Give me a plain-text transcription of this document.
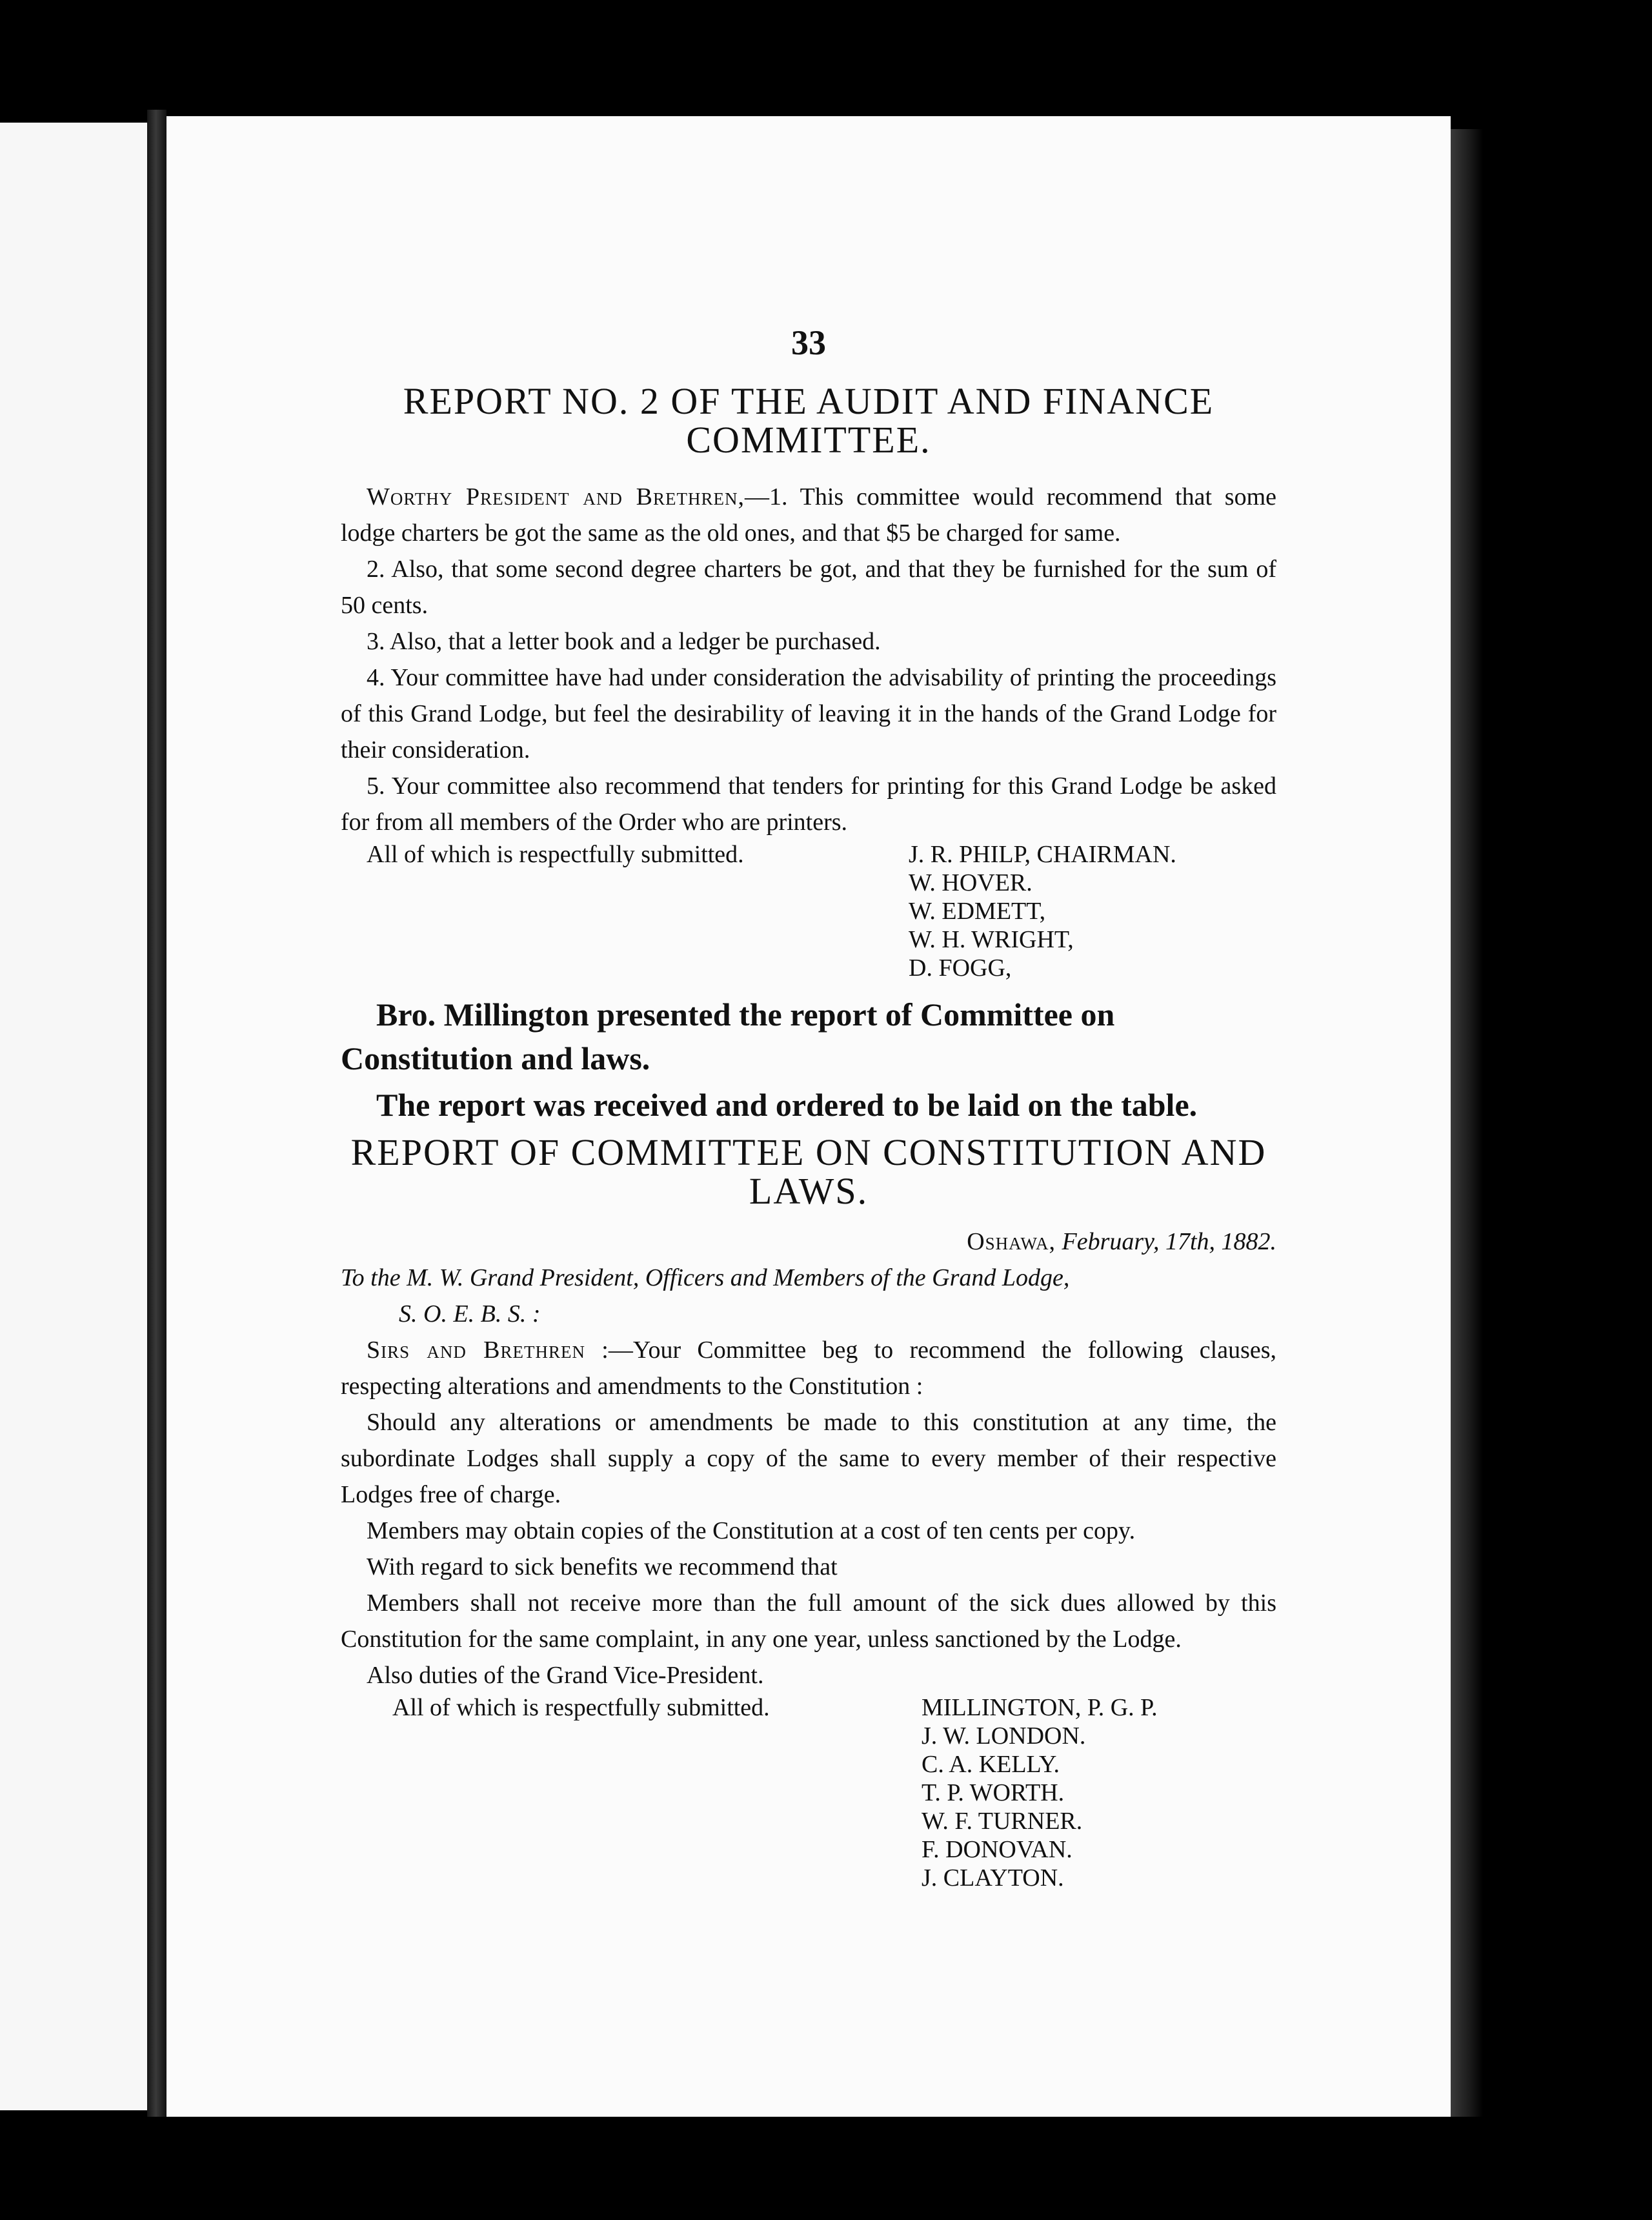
33
REPORT NO. 2 OF THE AUDIT AND FINANCE COMMITTEE.

Worthy President and Brethren,—1. This committee would recommend that some lodge charters be got the same as the old ones, and that $5 be charged for same.

2. Also, that some second degree charters be got, and that they be furnished for the sum of 50 cents.

3. Also, that a letter book and a ledger be purchased.

4. Your committee have had under consideration the advisability of printing the proceedings of this Grand Lodge, but feel the desirability of leaving it in the hands of the Grand Lodge for their consideration.

5. Your committee also recommend that tenders for printing for this Grand Lodge be asked for from all members of the Order who are printers.

All of which is respectfully submitted.	J. R. PHILP, CHAIRMAN.
W. HOVER.
W. EDMETT,
W. H. WRIGHT,
D. FOGG,

Bro. Millington presented the report of Committee on Constitution and laws.

The report was received and ordered to be laid on the table.

REPORT OF COMMITTEE ON CONSTITUTION AND LAWS.

Oshawa, February, 17th, 1882.

To the M. W. Grand President, Officers and Members of the Grand Lodge,

S. O. E. B. S. :

Sirs and Brethren :—Your Committee beg to recommend the following clauses, respecting alterations and amendments to the Constitution :

Should any alterations or amendments be made to this constitution at any time, the subordinate Lodges shall supply a copy of the same to every member of their respective Lodges free of charge.

Members may obtain copies of the Constitution at a cost of ten cents per copy.

With regard to sick benefits we recommend that

Members shall not receive more than the full amount of the sick dues allowed by this Constitution for the same complaint, in any one year, unless sanctioned by the Lodge.

Also duties of the Grand Vice-President.

All of which is respectfully submitted.	MILLINGTON, P. G. P.
J. W. LONDON.
C. A. KELLY.
T. P. WORTH.
W. F. TURNER.
F. DONOVAN.
J. CLAYTON.
